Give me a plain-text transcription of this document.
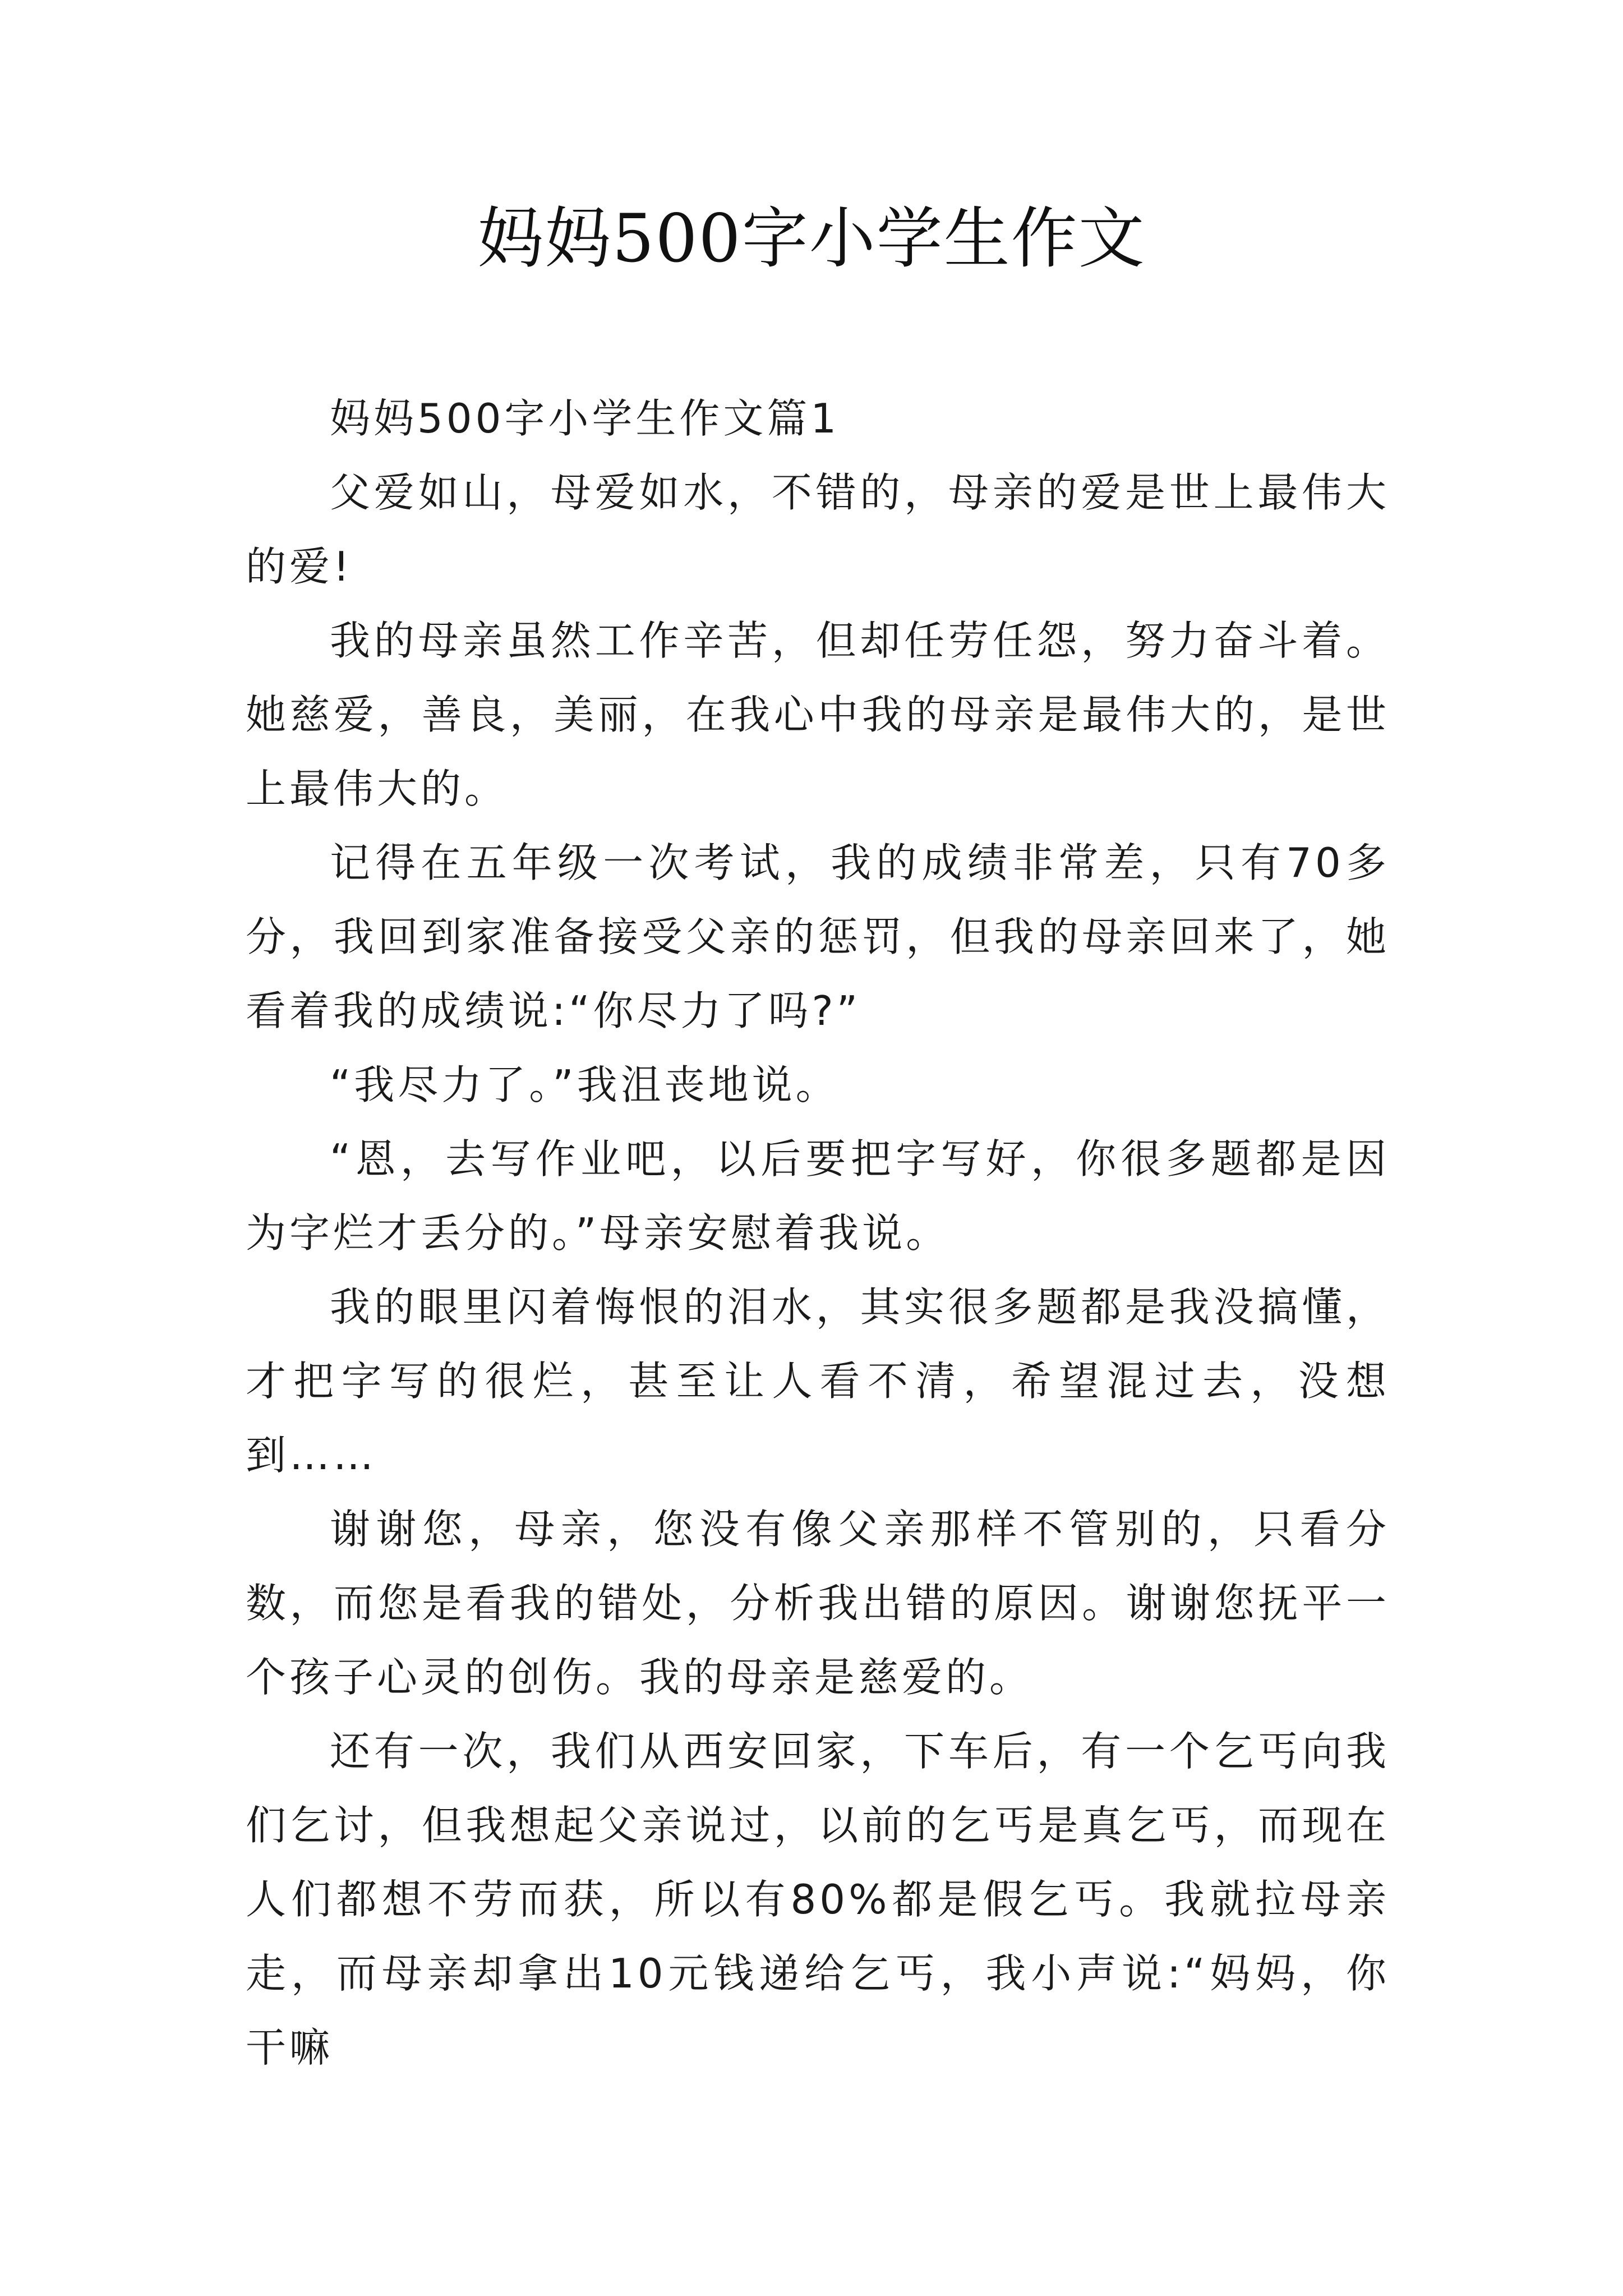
妈妈500字小学生作文

妈妈500字小学生作文篇1

父爱如山，母爱如水，不错的，母亲的爱是世上最伟大的爱!

我的母亲虽然工作辛苦，但却任劳任怨，努力奋斗着。她慈爱，善良，美丽，在我心中我的母亲是最伟大的，是世上最伟大的。

记得在五年级一次考试，我的成绩非常差，只有70多分，我回到家准备接受父亲的惩罚，但我的母亲回来了，她看着我的成绩说:“你尽力了吗?”

“我尽力了。”我沮丧地说。

“恩，去写作业吧，以后要把字写好，你很多题都是因为字烂才丢分的。”母亲安慰着我说。

我的眼里闪着悔恨的泪水，其实很多题都是我没搞懂，才把字写的很烂，甚至让人看不清，希望混过去，没想到……

谢谢您，母亲，您没有像父亲那样不管别的，只看分数，而您是看我的错处，分析我出错的原因。谢谢您抚平一个孩子心灵的创伤。我的母亲是慈爱的。

还有一次，我们从西安回家，下车后，有一个乞丐向我们乞讨，但我想起父亲说过，以前的乞丐是真乞丐，而现在人们都想不劳而获，所以有80%都是假乞丐。我就拉母亲走，而母亲却拿出10元钱递给乞丐，我小声说:“妈妈，你干嘛
